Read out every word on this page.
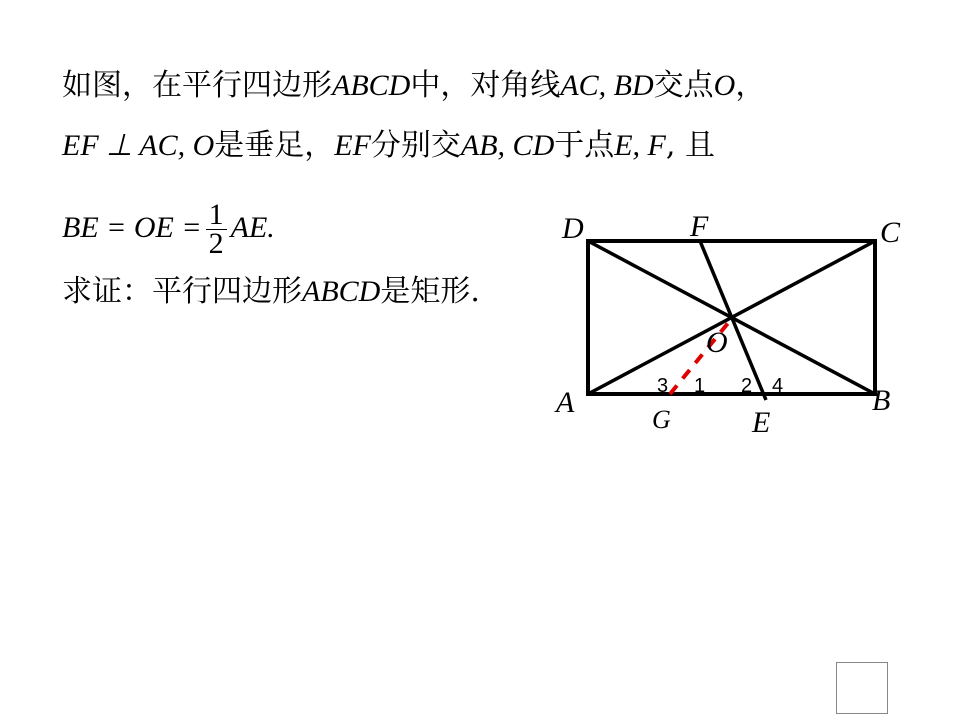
如图，在平行四边形ABCD中，对角线AC, BD交点O，
EF ⊥ AC, O是垂足，EF分别交AB, CD于点E, F, 且
BE = OE = $\frac{1}{2}$ AE.
求证：平行四边形ABCD是矩形.
D	F	C
O
A	B
E
G
3 1 2 4
